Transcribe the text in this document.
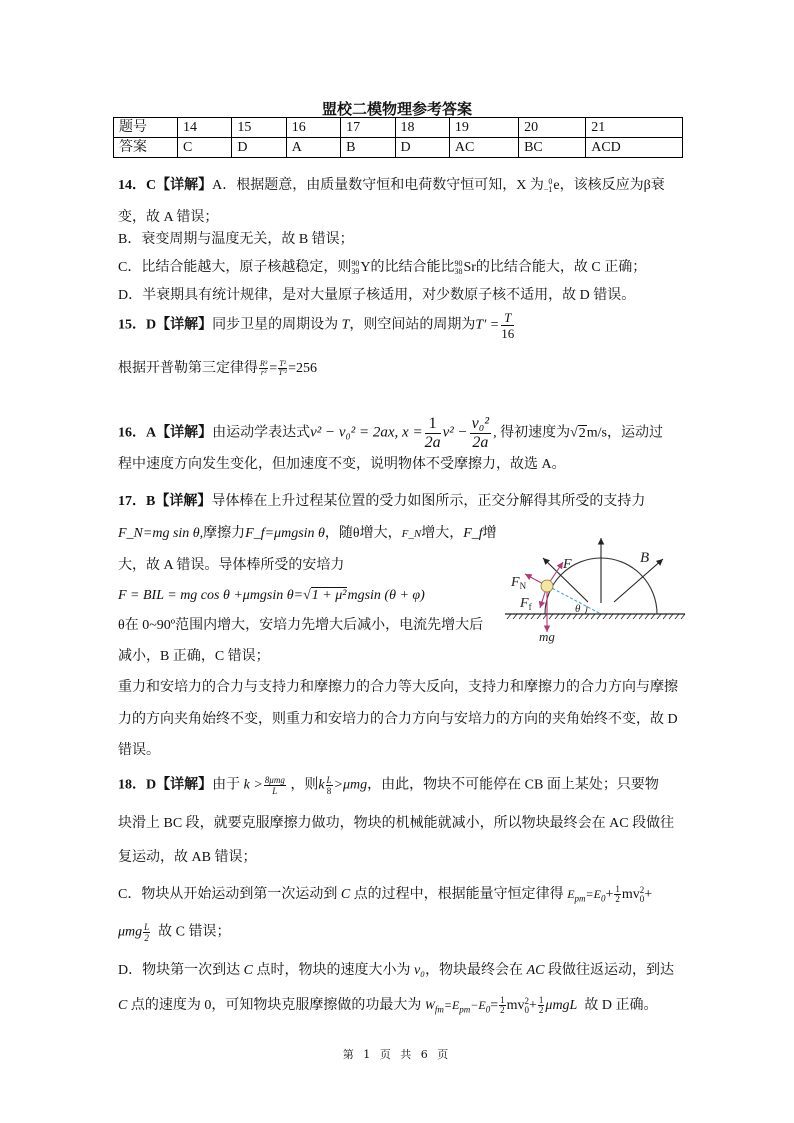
盟校二模物理参考答案
题号	14	15	16	17	18	19	20	21
答案	C	D	A	B	D	AC	BC	ACD
14．C【详解】A．根据题意，由质量数守恒和电荷数守恒可知，X 为 0
−1 e，该核反应为β衰
变，故 A 错误；
B．衰变周期与温度无关，故 B 错误；
C．比结合能越大，原子核越稳定，则 90
39 Y的比结合能比 90
38 Sr的比结合能大，故 C 正确；
D．半衰期具有统计规律，是对大量原子核适用，对少数原子核不适用，故 D 错误。
15．D【详解】同步卫星的周期设为 T，则空间站的周期为$T' = \frac{T}{16}$
根据开普勒第三定律得 $\frac{\text{R³}}{\text{r³}} = \frac{\text{T²}}{\text{T′²}} =256$
16．A【详解】由运动学表达式v² − v₀² = 2ax, $x = \frac{1}{2a} v^2 - \frac{\text{v₀²}}{2a}$ , 得初速度为√2m/s，运动过
程中速度方向发生变化，但加速度不变，说明物体不受摩擦力，故选 A。
17．B【详解】导体棒在上升过程某位置的受力如图所示，正交分解得其所受的支持力
F_N=mg sin θ,摩擦力F_f=μmgsin θ，随θ增大，F_N增大，F_f增
大，故 A 错误。导体棒所受的安培力
F = BIL = mg cos θ +μmgsin θ=√1 + μ²mgsin (θ + φ)
θ在 0~90º范围内增大，安培力先增大后减小，电流先增大后
减小，B 正确，C 错误；
重力和安培力的合力与支持力和摩擦力的合力等大反向，支持力和摩擦力的合力方向与摩擦
力的方向夹角始终不变，则重力和安培力的合力方向与安培力的方向的夹角始终不变，故 D
错误。
B
θ
F
$F_N$
$F_f$
mg
18．D【详解】由于 $k > \frac{\text{8μmg}}{L}$ ，则k $\frac{L}{8} >\mu mg$，由此，物块不可能停在 CB 面上某处；只要物
块滑上 BC 段，就要克服摩擦力做功，物块的机械能就减小，所以物块最终会在 AC 段做往
复运动，故 AB 错误；
C．物块从开始运动到第一次运动到 C 点的过程中，根据能量守恒定律得 $E_{pm}=E_0+ \frac{1}{2}$ mv 2
0 +
μmg $\frac{L}{2}$ 故 C 错误；
D．物块第一次到达 C 点时，物块的速度大小为 v₀，物块最终会在 AC 段做往返运动，到达
C 点的速度为 0，可知物块克服摩擦做的功最大为 $W_{fm}=E_{pm}-E_0= \frac{1}{2}$ mv 2
$0 + \frac{1}{2}$ μmgL 故 D 正确。
第 1 页 共 6 页
